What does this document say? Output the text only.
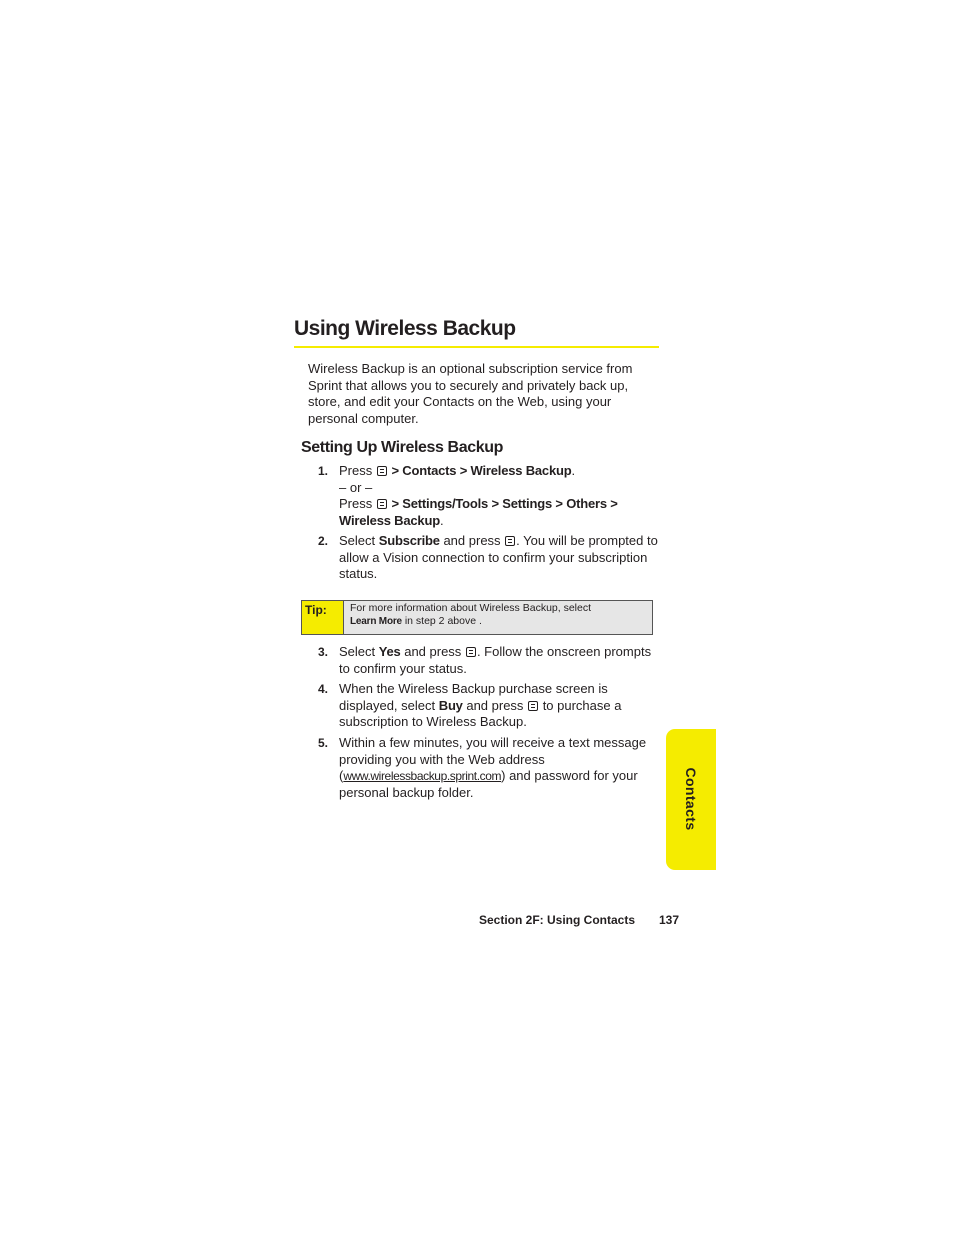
Using Wireless Backup
Wireless Backup is an optional subscription service from Sprint that allows you to securely and privately back up, store, and edit your Contacts on the Web, using your personal computer.
Setting Up Wireless Backup
1. Press > Contacts > Wireless Backup.
– or –
Press > Settings/Tools > Settings > Others > Wireless Backup.
2. Select Subscribe and press . You will be prompted to allow a Vision connection to confirm your subscription status.
Tip:	For more information about Wireless Backup, select
Learn More in step 2 above .
3. Select Yes and press . Follow the onscreen prompts to confirm your status.
4. When the Wireless Backup purchase screen is displayed, select Buy and press to purchase a subscription to Wireless Backup.
5. Within a few minutes, you will receive a text message providing you with the Web address (www.wirelessbackup.sprint.com) and password for your personal backup folder.	Contacts
Section 2F: Using Contacts 137
